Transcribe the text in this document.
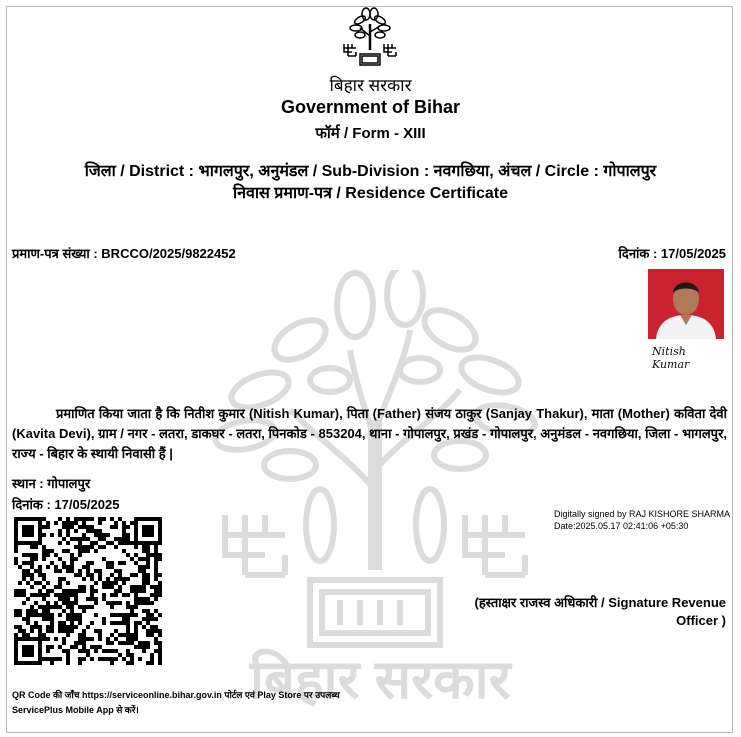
बिहार सरकार
बिहार सरकार
Government of Bihar
फॉर्म / Form - XIII
जिला / District : भागलपुर, अनुमंडल / Sub-Division : नवगछिया, अंचल / Circle : गोपालपुर
निवास प्रमाण-पत्र / Residence Certificate
प्रमाण-पत्र संख्या : BRCCO/2025/9822452	दिनांक : 17/05/2025
Nitish Kumar
प्रमाणित किया जाता है कि नितीश कुमार (Nitish Kumar), पिता (Father) संजय ठाकुर (Sanjay Thakur), माता (Mother) कविता देवी (Kavita Devi), ग्राम / नगर - लतरा, डाकघर - लतरा, पिनकोड - 853204, थाना - गोपालपुर, प्रखंड - गोपालपुर, अनुमंडल - नवगछिया, जिला - भागलपुर, राज्य - बिहार के स्थायी निवासी हैं |
स्थान : गोपालपुर
दिनांक : 17/05/2025
Digitally signed by RAJ KISHORE SHARMA
Date:2025.05.17 02:41:06 +05:30
(हस्ताक्षर राजस्व अधिकारी / Signature Revenue
Officer )
QR Code की जाँच https://serviceonline.bihar.gov.in पोर्टल एवं Play Store पर उपलब्ध
ServicePlus Mobile App से करें।
